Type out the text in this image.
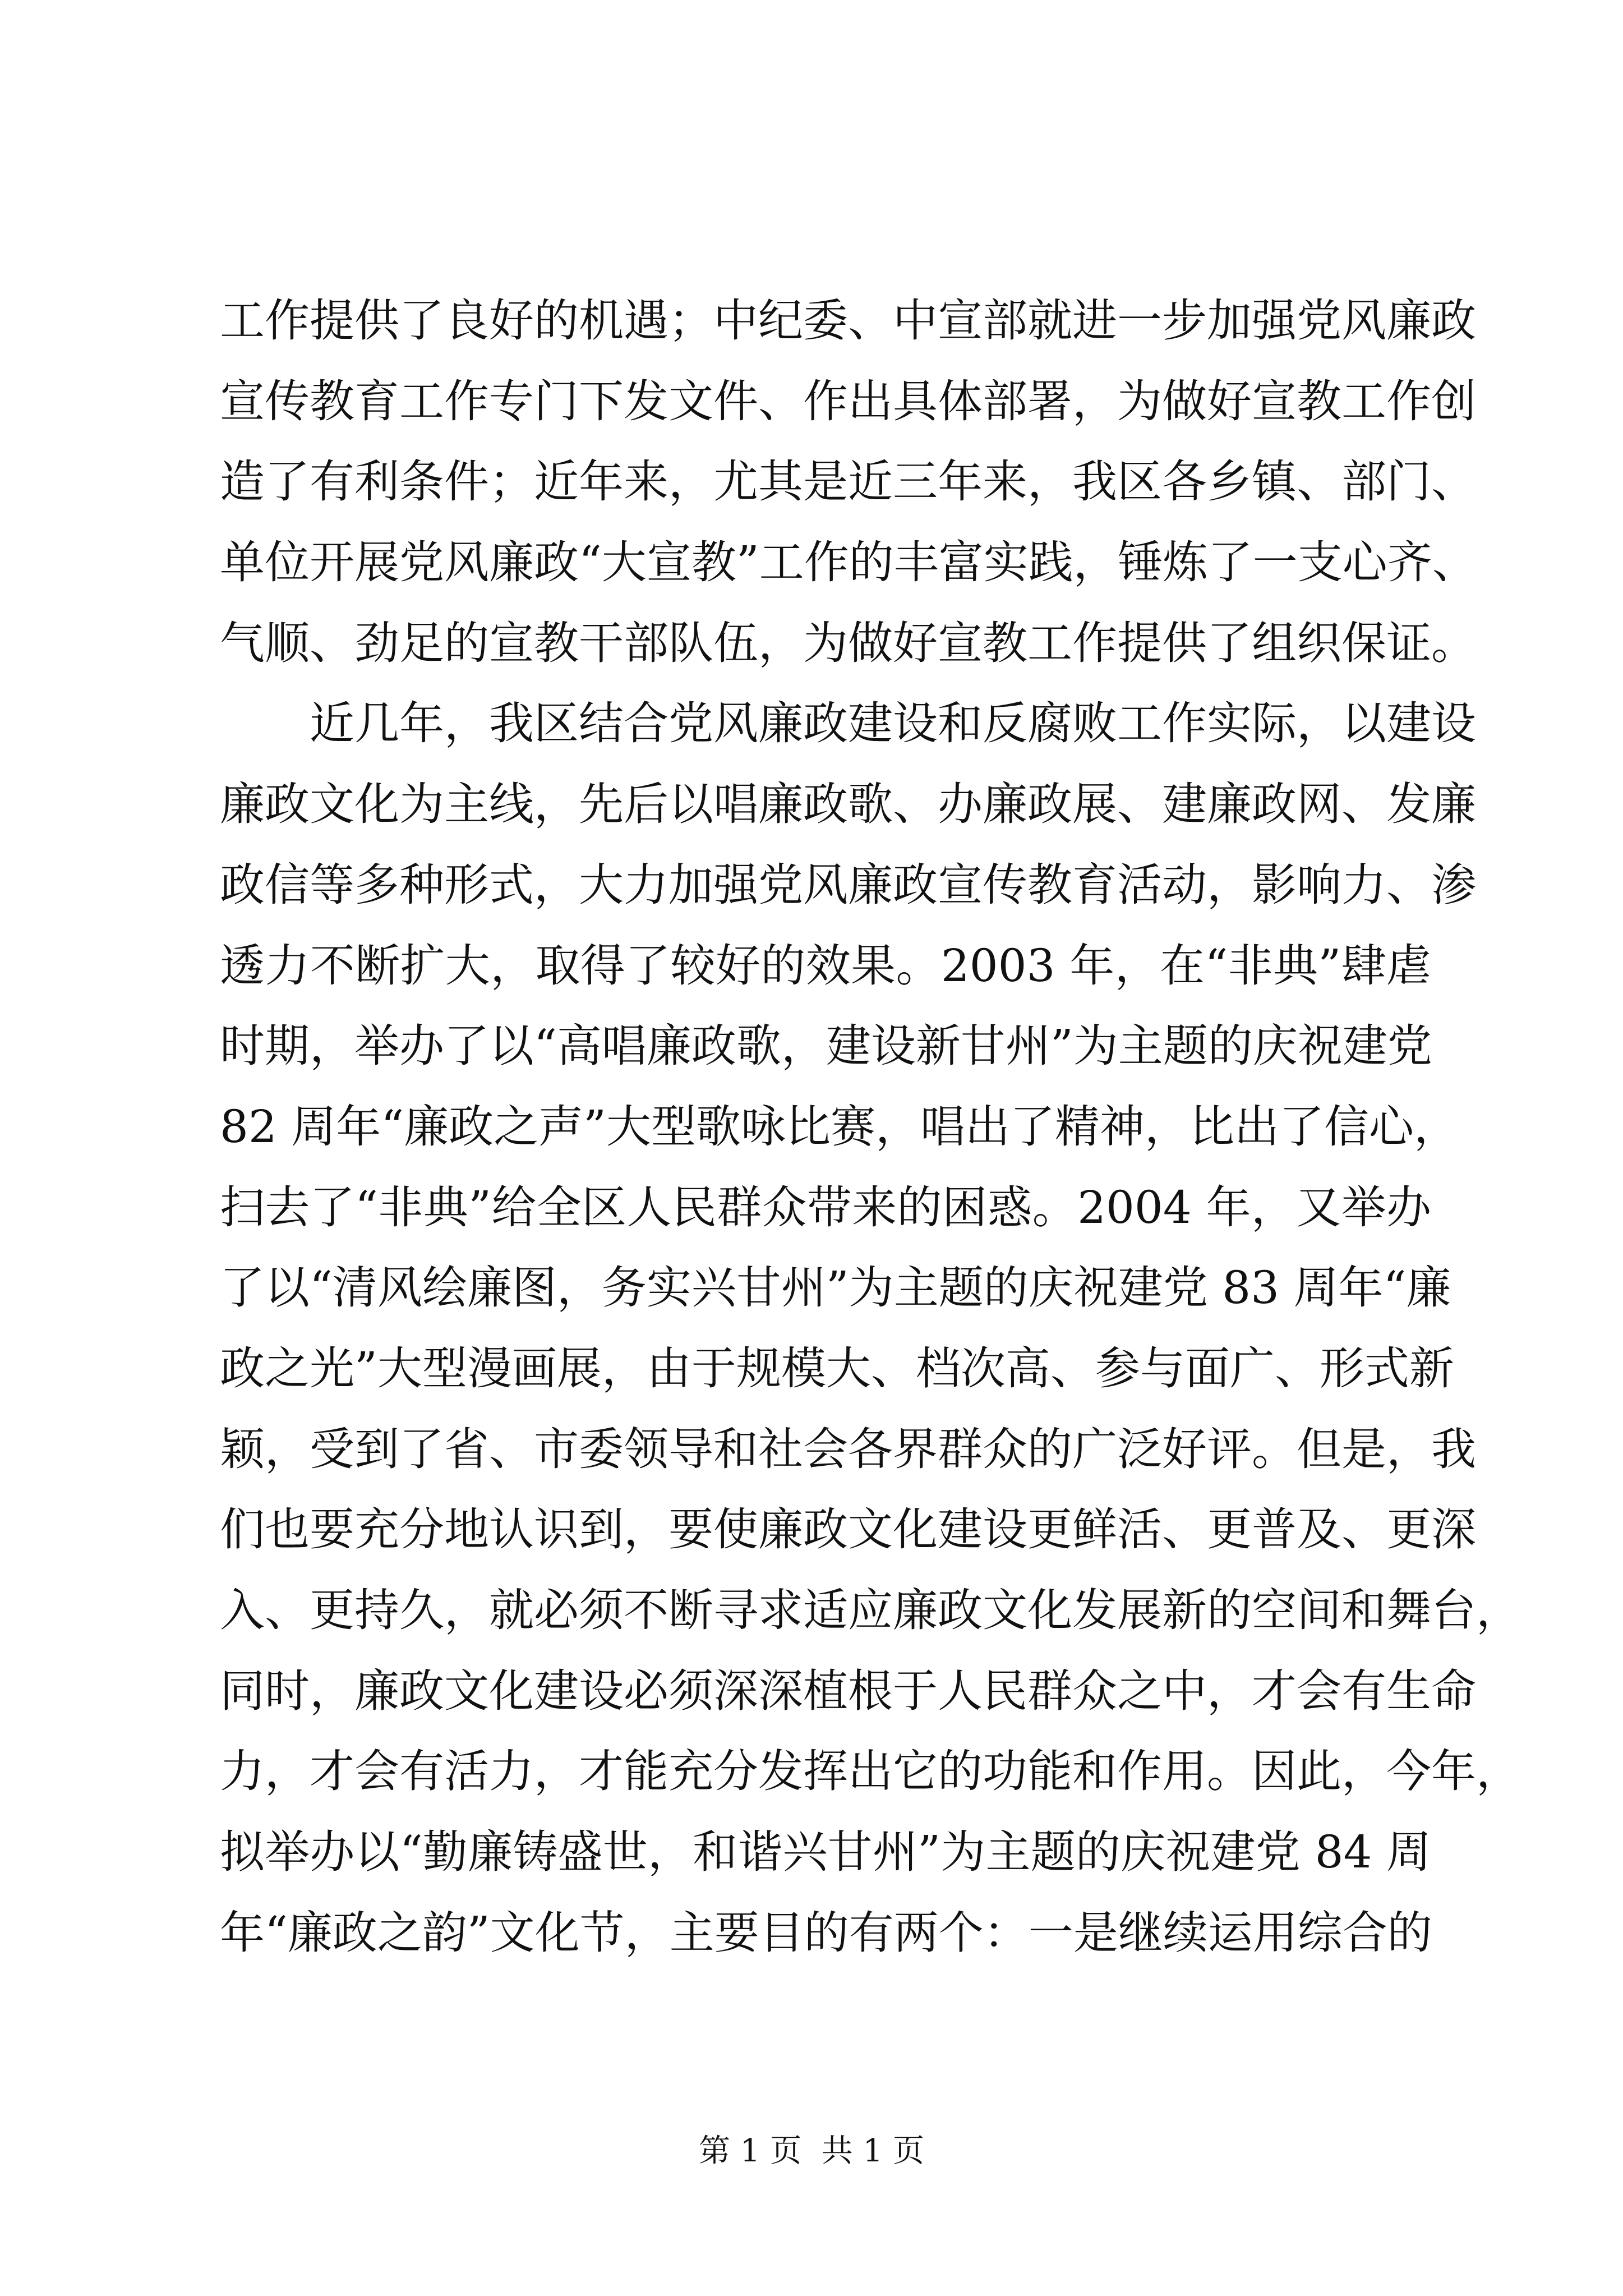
工作提供了良好的机遇；中纪委、中宣部就进一步加强党风廉政
宣传教育工作专门下发文件、作出具体部署，为做好宣教工作创
造了有利条件；近年来，尤其是近三年来，我区各乡镇、部门、
单位开展党风廉政“大宣教”工作的丰富实践，锤炼了一支心齐、
气顺、劲足的宣教干部队伍，为做好宣教工作提供了组织保证。
近几年，我区结合党风廉政建设和反腐败工作实际，以建设
廉政文化为主线，先后以唱廉政歌、办廉政展、建廉政网、发廉
政信等多种形式，大力加强党风廉政宣传教育活动，影响力、渗
透力不断扩大，取得了较好的效果。2003 年，在“非典”肆虐
时期，举办了以“高唱廉政歌，建设新甘州”为主题的庆祝建党
82 周年“廉政之声”大型歌咏比赛，唱出了精神，比出了信心，
扫去了“非典”给全区人民群众带来的困惑。2004 年，又举办
了以“清风绘廉图，务实兴甘州”为主题的庆祝建党 83 周年“廉
政之光”大型漫画展，由于规模大、档次高、参与面广、形式新
颖，受到了省、市委领导和社会各界群众的广泛好评。但是，我
们也要充分地认识到，要使廉政文化建设更鲜活、更普及、更深
入、更持久，就必须不断寻求适应廉政文化发展新的空间和舞台，
同时，廉政文化建设必须深深植根于人民群众之中，才会有生命
力，才会有活力，才能充分发挥出它的功能和作用。因此，今年，
拟举办以“勤廉铸盛世，和谐兴甘州”为主题的庆祝建党 84 周
年“廉政之韵”文化节，主要目的有两个：一是继续运用综合的
第 1 页  共 1 页
